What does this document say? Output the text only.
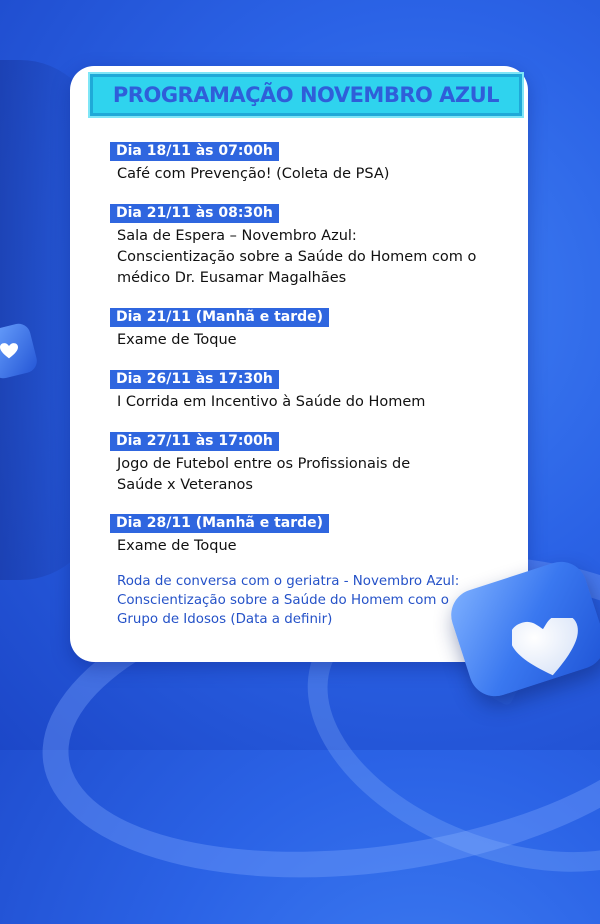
PROGRAMAÇÃO NOVEMBRO AZUL
Dia 18/11 às 07:00h
Café com Prevenção! (Coleta de PSA)
Dia 21/11 às 08:30h
Sala de Espera – Novembro Azul:
Conscientização sobre a Saúde do Homem com o
médico Dr. Eusamar Magalhães
Dia 21/11 (Manhã e tarde)
Exame de Toque
Dia 26/11 às 17:30h
I Corrida em Incentivo à Saúde do Homem
Dia 27/11 às 17:00h
Jogo de Futebol entre os Profissionais de
Saúde x Veteranos
Dia 28/11 (Manhã e tarde)
Exame de Toque
Roda de conversa com o geriatra - Novembro Azul:
Conscientização sobre a Saúde do Homem com o
Grupo de Idosos (Data a definir)
